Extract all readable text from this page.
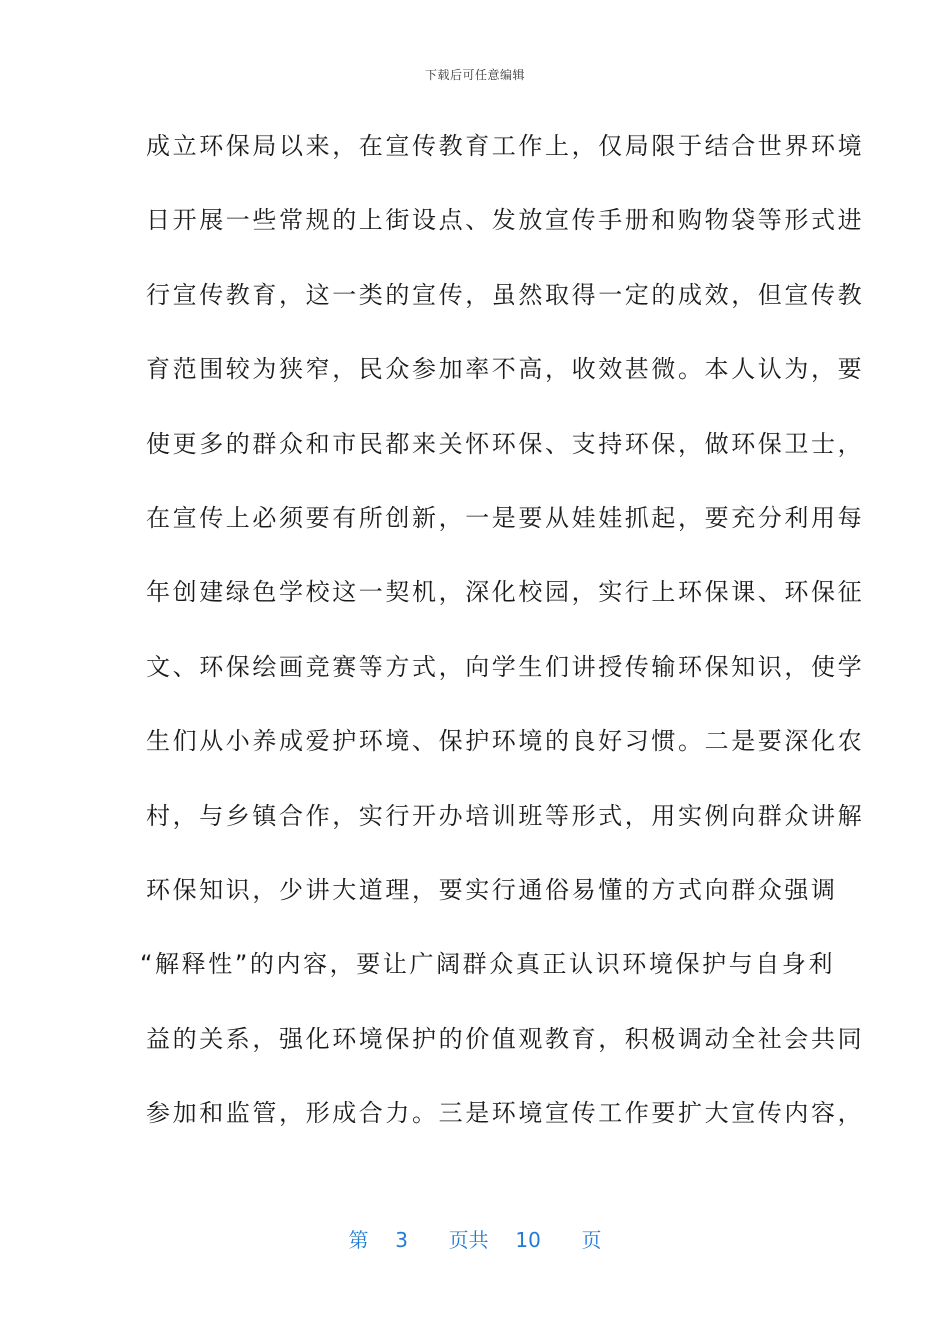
下载后可任意编辑
成立环保局以来，在宣传教育工作上，仅局限于结合世界环境
日开展一些常规的上街设点、发放宣传手册和购物袋等形式进
行宣传教育，这一类的宣传，虽然取得一定的成效，但宣传教
育范围较为狭窄，民众参加率不高，收效甚微。本人认为，要
使更多的群众和市民都来关怀环保、支持环保，做环保卫士，
在宣传上必须要有所创新，一是要从娃娃抓起，要充分利用每
年创建绿色学校这一契机，深化校园，实行上环保课、环保征
文、环保绘画竞赛等方式，向学生们讲授传输环保知识，使学
生们从小养成爱护环境、保护环境的良好习惯。二是要深化农
村，与乡镇合作，实行开办培训班等形式，用实例向群众讲解
环保知识，少讲大道理，要实行通俗易懂的方式向群众强调
“解释性”的内容，要让广阔群众真正认识环境保护与自身利
益的关系，强化环境保护的价值观教育，积极调动全社会共同
参加和监管，形成合力。三是环境宣传工作要扩大宣传内容，
第 3 页共 10 页
